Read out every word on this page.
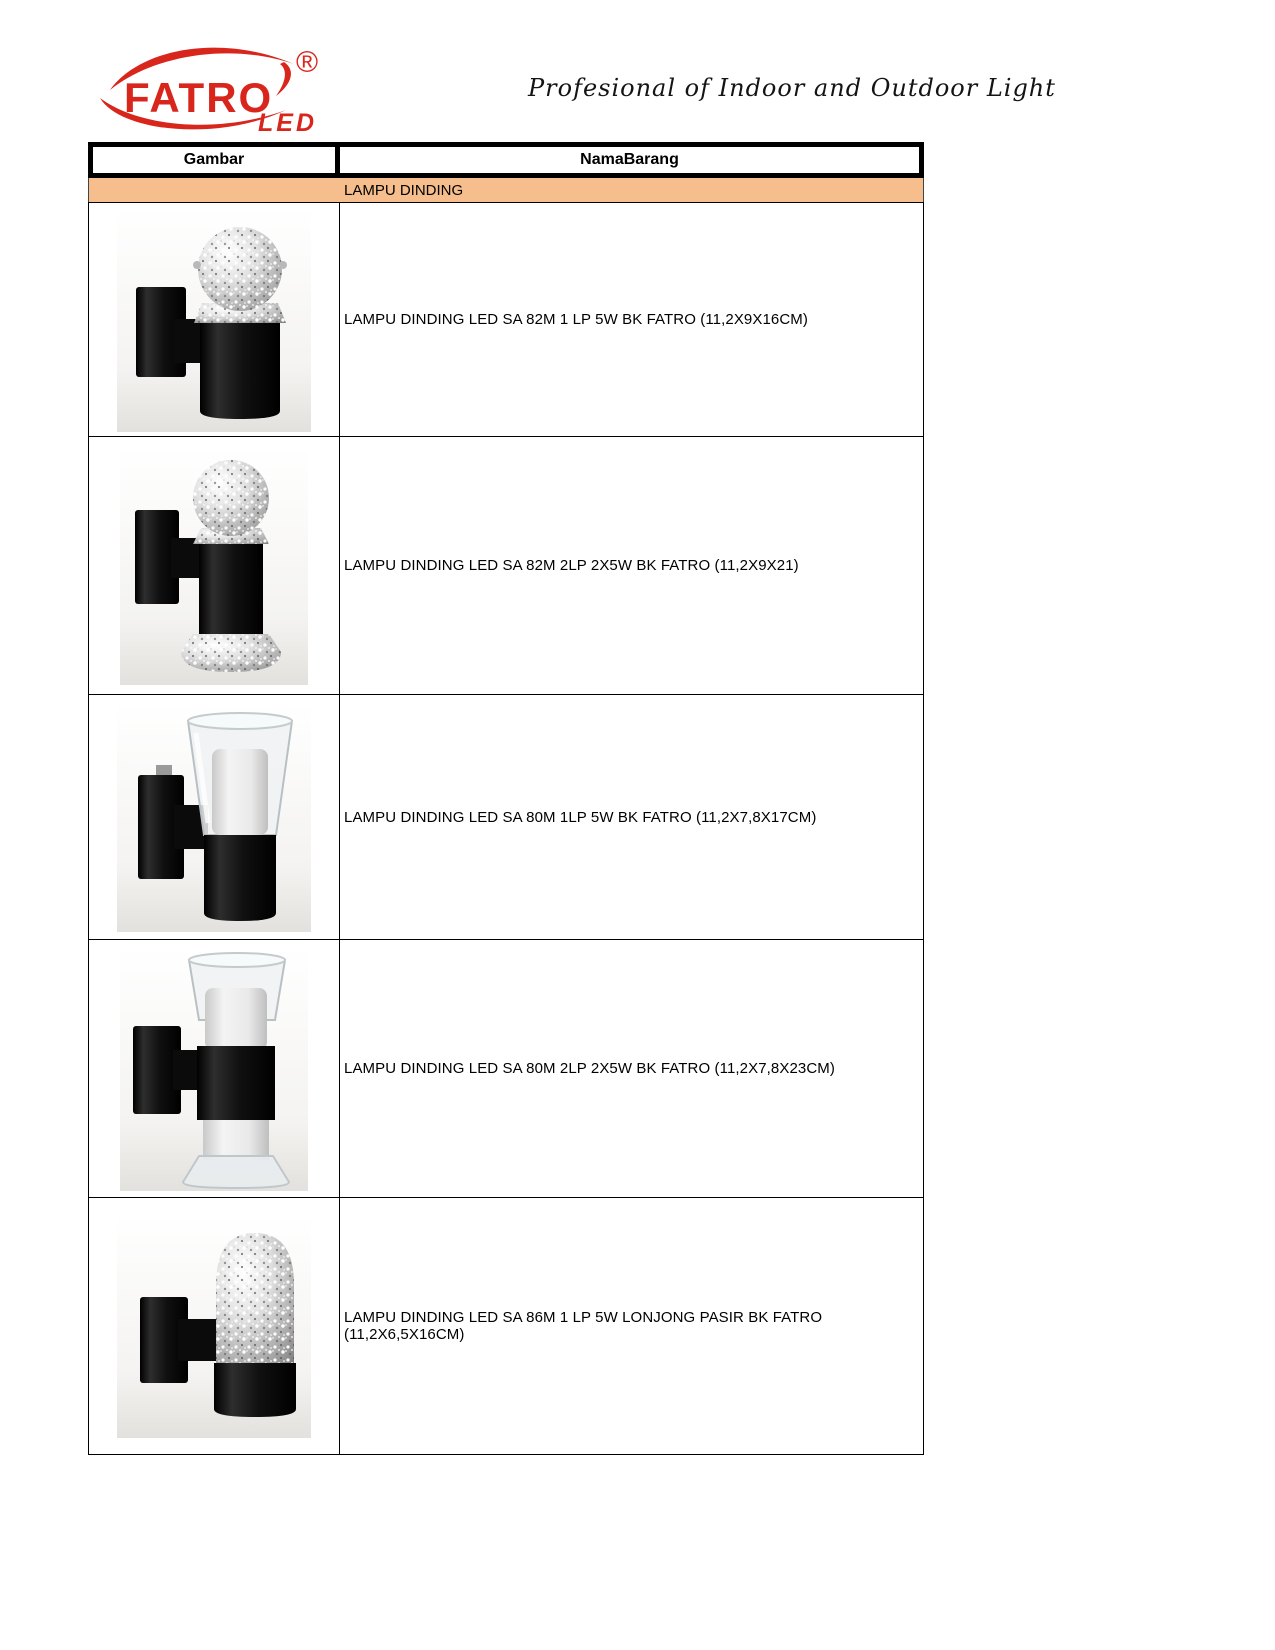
FATRO
®
LED
Profesional of Indoor and Outdoor Light
Gambar	NamaBarang
LAMPU DINDING
LAMPU DINDING LED SA 82M 1 LP 5W BK FATRO (11,2X9X16CM)
LAMPU DINDING LED SA 82M 2LP 2X5W BK FATRO (11,2X9X21)
LAMPU DINDING LED SA 80M 1LP 5W BK FATRO (11,2X7,8X17CM)
LAMPU DINDING LED SA 80M 2LP 2X5W BK FATRO (11,2X7,8X23CM)
LAMPU DINDING LED SA 86M 1 LP 5W LONJONG PASIR BK FATRO (11,2X6,5X16CM)
